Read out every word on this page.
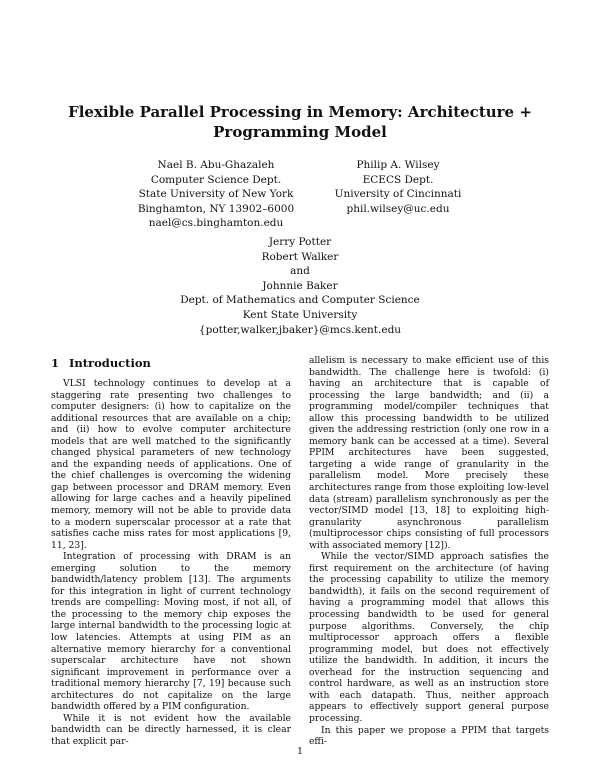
Flexible Parallel Processing in Memory: Architecture +
Programming Model
Nael B. Abu-Ghazaleh
Computer Science Dept.
State University of New York
Binghamton, NY 13902–6000
nael@cs.binghamton.edu
Philip A. Wilsey
ECECS Dept.
University of Cincinnati
phil.wilsey@uc.edu
Jerry Potter
Robert Walker
and
Johnnie Baker
Dept. of Mathematics and Computer Science
Kent State University
{potter,walker,jbaker}@mcs.kent.edu
1 Introduction

VLSI technology continues to develop at a staggering rate presenting two challenges to computer designers: (i) how to capitalize on the additional resources that are available on a chip; and (ii) how to evolve computer architecture models that are well matched to the significantly changed physical parameters of new technology and the expanding needs of applications. One of the chief challenges is overcoming the widening gap between processor and DRAM memory. Even allowing for large caches and a heavily pipelined memory, memory will not be able to provide data to a modern superscalar processor at a rate that satisfies cache miss rates for most applications [9, 11, 23].

Integration of processing with DRAM is an emerging solution to the memory bandwidth/latency problem [13]. The arguments for this integration in light of current technology trends are compelling: Moving most, if not all, of the processing to the memory chip exposes the large internal bandwidth to the processing logic at low latencies. Attempts at using PIM as an alternative memory hierarchy for a conventional superscalar architecture have not shown significant improvement in performance over a traditional memory hierarchy [7, 19] because such architectures do not capitalize on the large bandwidth offered by a PIM configuration.

While it is not evident how the available bandwidth can be directly harnessed, it is clear that explicit par-

allelism is necessary to make efficient use of this bandwidth. The challenge here is twofold: (i) having an architecture that is capable of processing the large bandwidth; and (ii) a programming model/compiler techniques that allow this processing bandwidth to be utilized given the addressing restriction (only one row in a memory bank can be accessed at a time). Several PPIM architectures have been suggested, targeting a wide range of granularity in the parallelism model. More precisely these architectures range from those exploiting low-level data (stream) parallelism synchronously as per the vector/SIMD model [13, 18] to exploiting high-granularity asynchronous parallelism (multiprocessor chips consisting of full processors with associated memory [12]).

While the vector/SIMD approach satisfies the first requirement on the architecture (of having the processing capability to utilize the memory bandwidth), it fails on the second requirement of having a programming model that allows this processing bandwidth to be used for general purpose algorithms. Conversely, the chip multiprocessor approach offers a flexible programming model, but does not effectively utilize the bandwidth. In addition, it incurs the overhead for the instruction sequencing and control hardware, as well as an instruction store with each datapath. Thus, neither approach appears to effectively support general purpose processing.

In this paper we propose a PPIM that targets effi-

1
